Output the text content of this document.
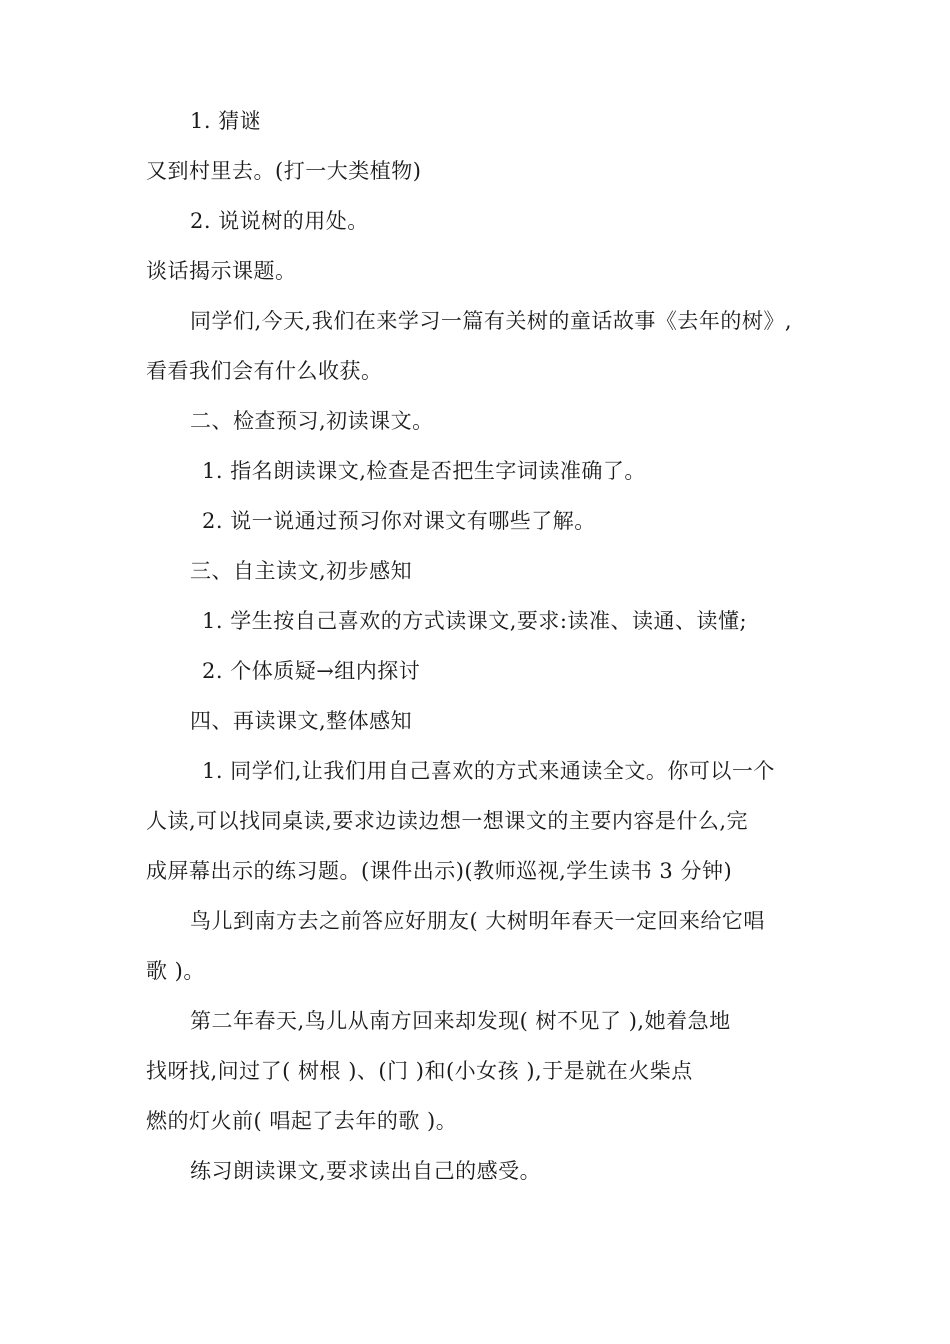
1. 猜谜
又到村里去。(打一大类植物)
2. 说说树的用处。
谈话揭示课题。
同学们,今天,我们在来学习一篇有关树的童话故事《去年的树》,
看看我们会有什么收获。
二、检查预习,初读课文。
1. 指名朗读课文,检查是否把生字词读准确了。
2. 说一说通过预习你对课文有哪些了解。
三、自主读文,初步感知
1. 学生按自己喜欢的方式读课文,要求:读准、读通、读懂;
2. 个体质疑→组内探讨
四、再读课文,整体感知
1. 同学们,让我们用自己喜欢的方式来通读全文。你可以一个
人读,可以找同桌读,要求边读边想一想课文的主要内容是什么,完
成屏幕出示的练习题。(课件出示)(教师巡视,学生读书 3 分钟)
鸟儿到南方去之前答应好朋友( 大树明年春天一定回来给它唱
歌 )。
第二年春天,鸟儿从南方回来却发现( 树不见了 ),她着急地
找呀找,问过了( 树根 )、(门 )和(小女孩 ),于是就在火柴点
燃的灯火前( 唱起了去年的歌 )。
练习朗读课文,要求读出自己的感受。
